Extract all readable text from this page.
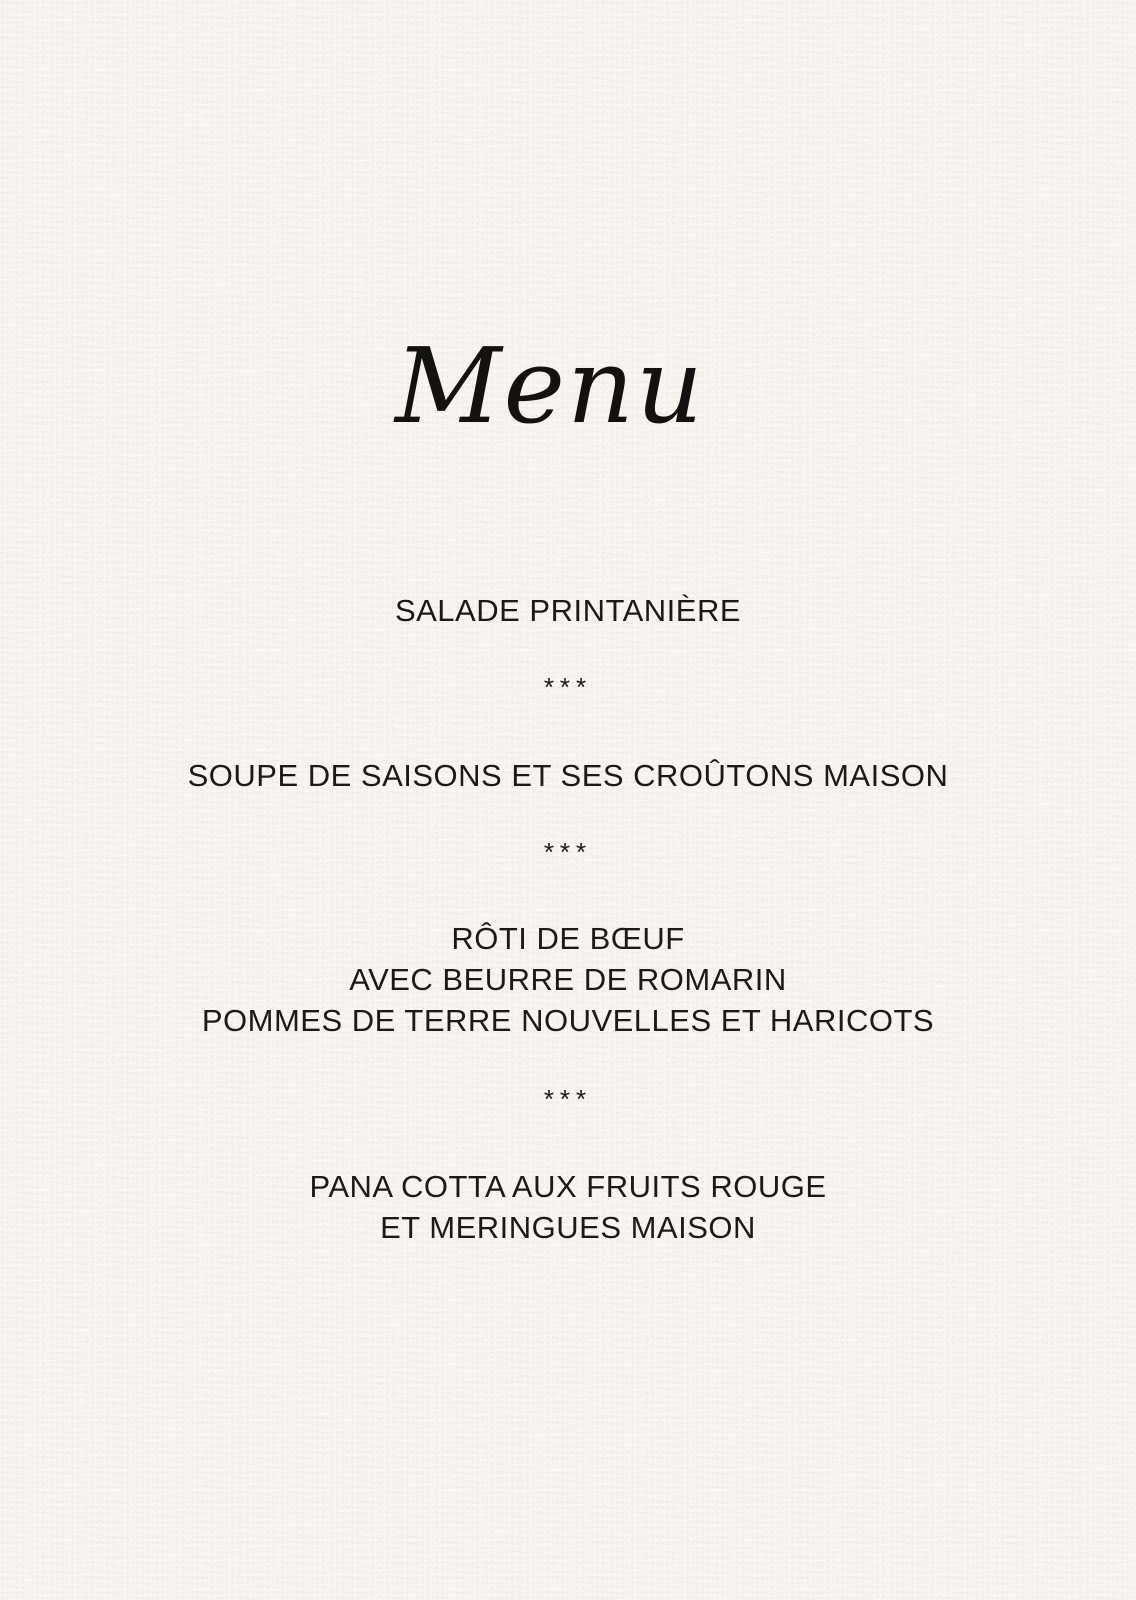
Menu
SALADE PRINTANIÈRE
***
SOUPE DE SAISONS ET SES CROÛTONS MAISON
***
RÔTI DE BŒUF
AVEC BEURRE DE ROMARIN
POMMES DE TERRE NOUVELLES ET HARICOTS
***
PANA COTTA AUX FRUITS ROUGE
ET MERINGUES MAISON
